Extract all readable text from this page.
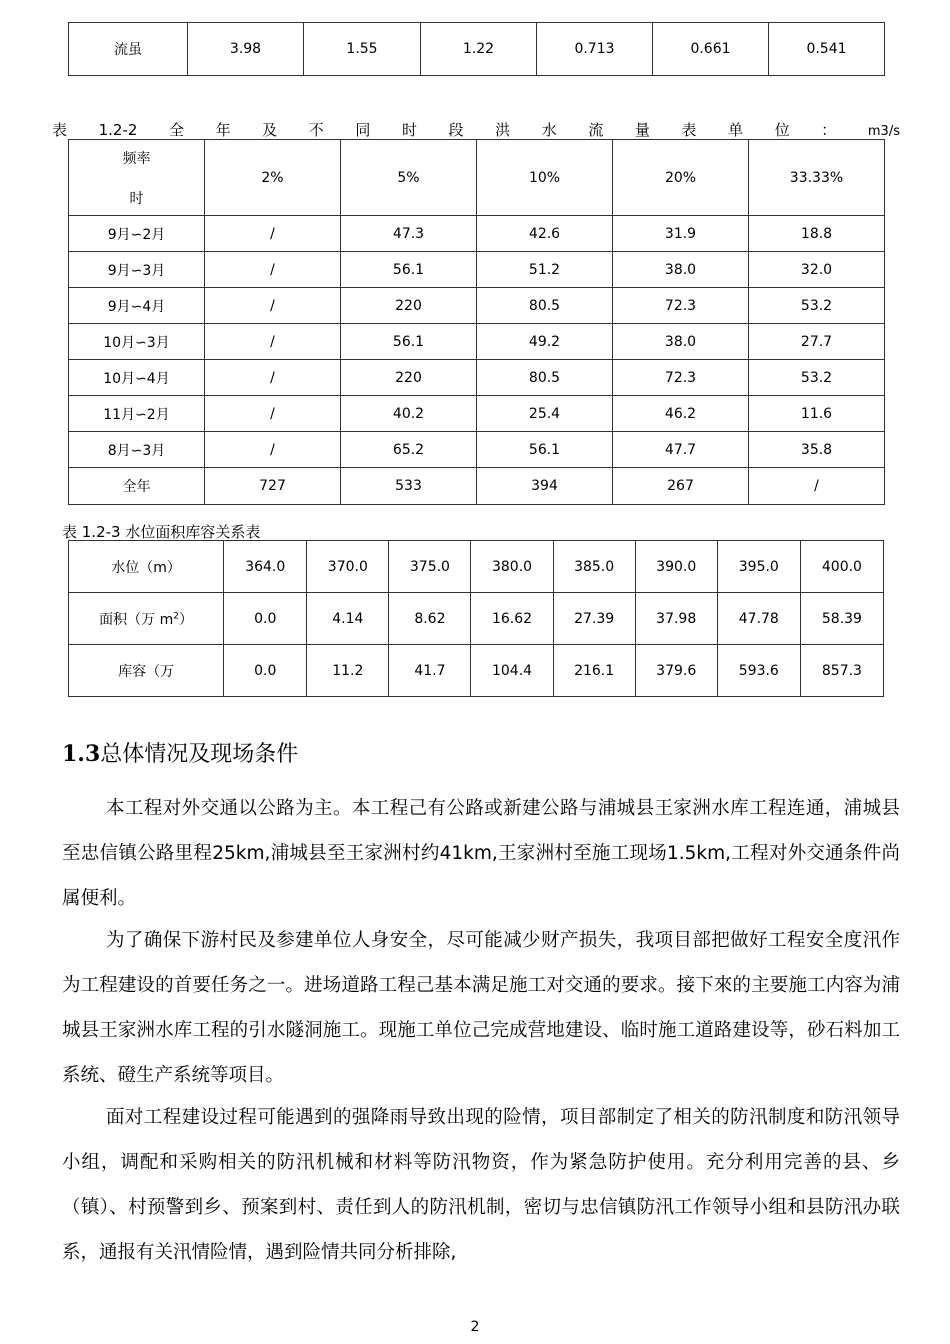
流虽	3.98	1.55	1.22	0.713	0.661	0.541
表 1.2-2 全 年 及 不 同 时 段 洪 水 流 量 表 单 位 ： m3/s
频率
时	2%	5%	10%	20%	33.33%
9月∽2月	/	47.3	42.6	31.9	18.8
9月∽3月	/	56.1	51.2	38.0	32.0
9月∽4月	/	220	80.5	72.3	53.2
10月∽3月	/	56.1	49.2	38.0	27.7
10月∽4月	/	220	80.5	72.3	53.2
11月∽2月	/	40.2	25.4	46.2	11.6
8月∽3月	/	65.2	56.1	47.7	35.8
全年	727	533	394	267	/
表 1.2-3 水位面积库容关系表
水位（m）	364.0	370.0	375.0	380.0	385.0	390.0	395.0	400.0
面积（万 $m^2$）	0.0	4.14	8.62	16.62	27.39	37.98	47.78	58.39
库容（万	0.0	11.2	41.7	104.4	216.1	379.6	593.6	857.3
1.3总体情况及现场条件

本工程对外交通以公路为主。本工程己有公路或新建公路与浦城县王家洲水库工程连通，浦城县至忠信镇公路里程25km,浦城县至王家洲村约41km,王家洲村至施工现场1.5km,工程对外交通条件尚属便利。

为了确保下游村民及参建单位人身安全，尽可能减少财产损失，我项目部把做好工程安全度汛作为工程建设的首要任务之一。进场道路工程己基本满足施工对交通的要求。接下來的主要施工内容为浦城县王家洲水库工程的引水隧洞施工。现施工单位己完成营地建设、临时施工道路建设等，砂石料加工系统、磴生产系统等项目。

面对工程建设过程可能遇到的强降雨导致出现的险情，项目部制定了相关的防汛制度和防汛领导小组，调配和采购相关的防汛机械和材料等防汛物资，作为紧急防护使用。充分利用完善的县、乡（镇）、村预警到乡、预案到村、责任到人的防汛机制，密切与忠信镇防汛工作领导小组和县防汛办联系，通报有关汛情险情，遇到险情共同分析排除,

2
